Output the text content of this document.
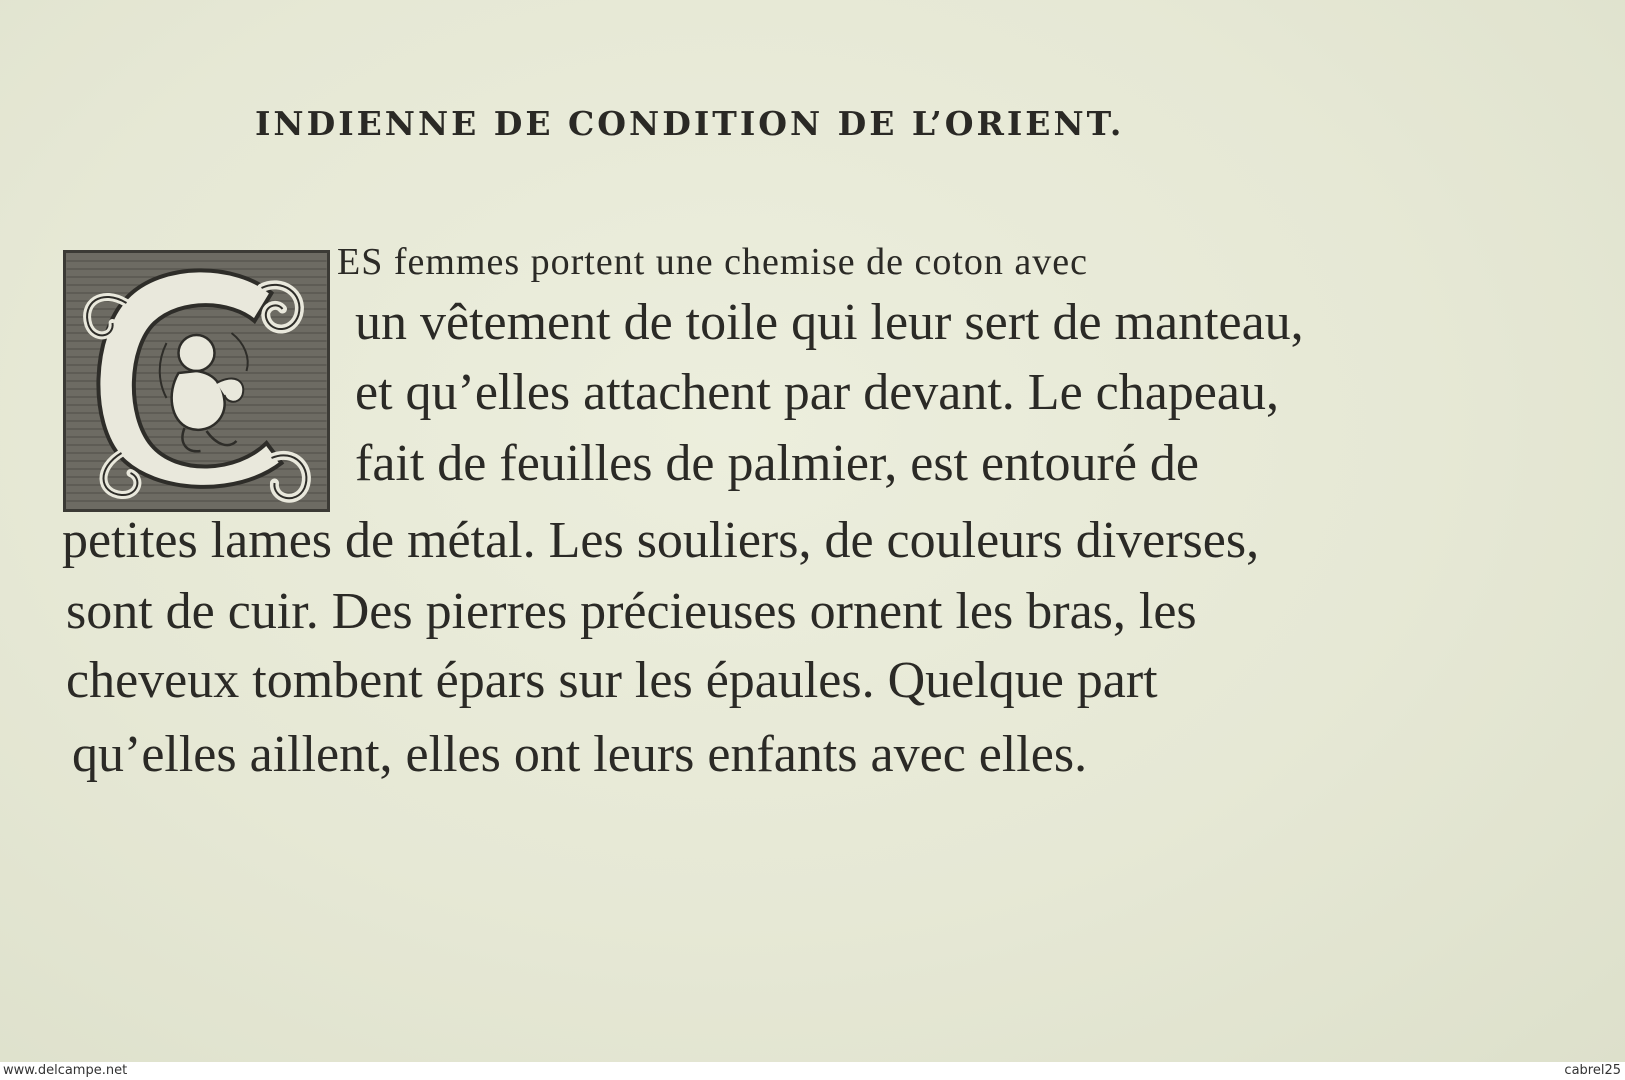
INDIENNE DE CONDITION DE L’ORIENT.
ES femmes portent une chemise de coton avec
un vêtement de toile qui leur sert de manteau,
et qu’elles attachent par devant. Le chapeau,
fait de feuilles de palmier, est entouré de
petites lames de métal. Les souliers, de couleurs diverses,
sont de cuir. Des pierres précieuses ornent les bras, les
cheveux tombent épars sur les épaules. Quelque part
qu’elles aillent, elles ont leurs enfants avec elles.
www.delcampe.net	cabrel25
